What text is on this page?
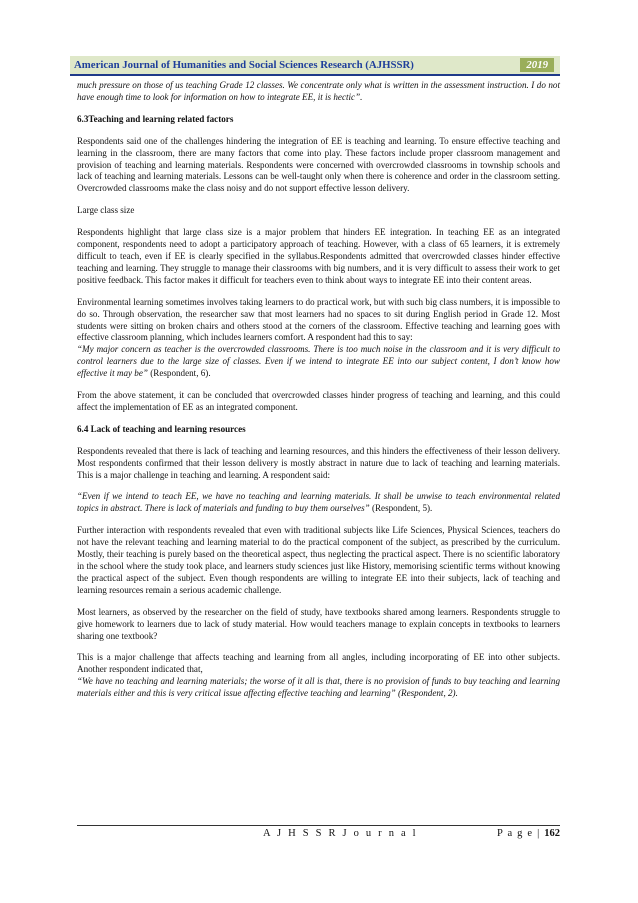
American Journal of Humanities and Social Sciences Research (AJHSSR)	2019

much pressure on those of us teaching Grade 12 classes. We concentrate only what is written in the assessment instruction. I do not have enough time to look for information on how to integrate EE, it is hectic”.

6.3Teaching and learning related factors

Respondents said one of the challenges hindering the integration of EE is teaching and learning. To ensure effective teaching and learning in the classroom, there are many factors that come into play. These factors include proper classroom management and provision of teaching and learning materials. Respondents were concerned with overcrowded classrooms in township schools and lack of teaching and learning materials. Lessons can be well-taught only when there is coherence and order in the classroom setting. Overcrowded classrooms make the class noisy and do not support effective lesson delivery.

Large class size

Respondents highlight that large class size is a major problem that hinders EE integration. In teaching EE as an integrated component, respondents need to adopt a participatory approach of teaching. However, with a class of 65 learners, it is extremely difficult to teach, even if EE is clearly specified in the syllabus.Respondents admitted that overcrowded classes hinder effective teaching and learning. They struggle to manage their classrooms with big numbers, and it is very difficult to assess their work to get positive feedback. This factor makes it difficult for teachers even to think about ways to integrate EE into their content areas.

Environmental learning sometimes involves taking learners to do practical work, but with such big class numbers, it is impossible to do so. Through observation, the researcher saw that most learners had no spaces to sit during English period in Grade 12. Most students were sitting on broken chairs and others stood at the corners of the classroom. Effective teaching and learning goes with effective classroom planning, which includes learners comfort. A respondent had this to say:

“My major concern as teacher is the overcrowded classrooms. There is too much noise in the classroom and it is very difficult to control learners due to the large size of classes. Even if we intend to integrate EE into our subject content, I don’t know how effective it may be” (Respondent, 6).

From the above statement, it can be concluded that overcrowded classes hinder progress of teaching and learning, and this could affect the implementation of EE as an integrated component.

6.4 Lack of teaching and learning resources

Respondents revealed that there is lack of teaching and learning resources, and this hinders the effectiveness of their lesson delivery. Most respondents confirmed that their lesson delivery is mostly abstract in nature due to lack of teaching and learning materials. This is a major challenge in teaching and learning. A respondent said:

“Even if we intend to teach EE, we have no teaching and learning materials. It shall be unwise to teach environmental related topics in abstract. There is lack of materials and funding to buy them ourselves” (Respondent, 5).

Further interaction with respondents revealed that even with traditional subjects like Life Sciences, Physical Sciences, teachers do not have the relevant teaching and learning material to do the practical component of the subject, as prescribed by the curriculum. Mostly, their teaching is purely based on the theoretical aspect, thus neglecting the practical aspect. There is no scientific laboratory in the school where the study took place, and learners study sciences just like History, memorising scientific terms without knowing the practical aspect of the subject. Even though respondents are willing to integrate EE into their subjects, lack of teaching and learning resources remain a serious academic challenge.

Most learners, as observed by the researcher on the field of study, have textbooks shared among learners. Respondents struggle to give homework to learners due to lack of study material. How would teachers manage to explain concepts in textbooks to learners sharing one textbook?

This is a major challenge that affects teaching and learning from all angles, including incorporating of EE into other subjects. Another respondent indicated that,

“We have no teaching and learning materials; the worse of it all is that, there is no provision of funds to buy teaching and learning materials either and this is very critical issue affecting effective teaching and learning” (Respondent, 2).

A J H S S R J o u r n a l	P a g e | 162
